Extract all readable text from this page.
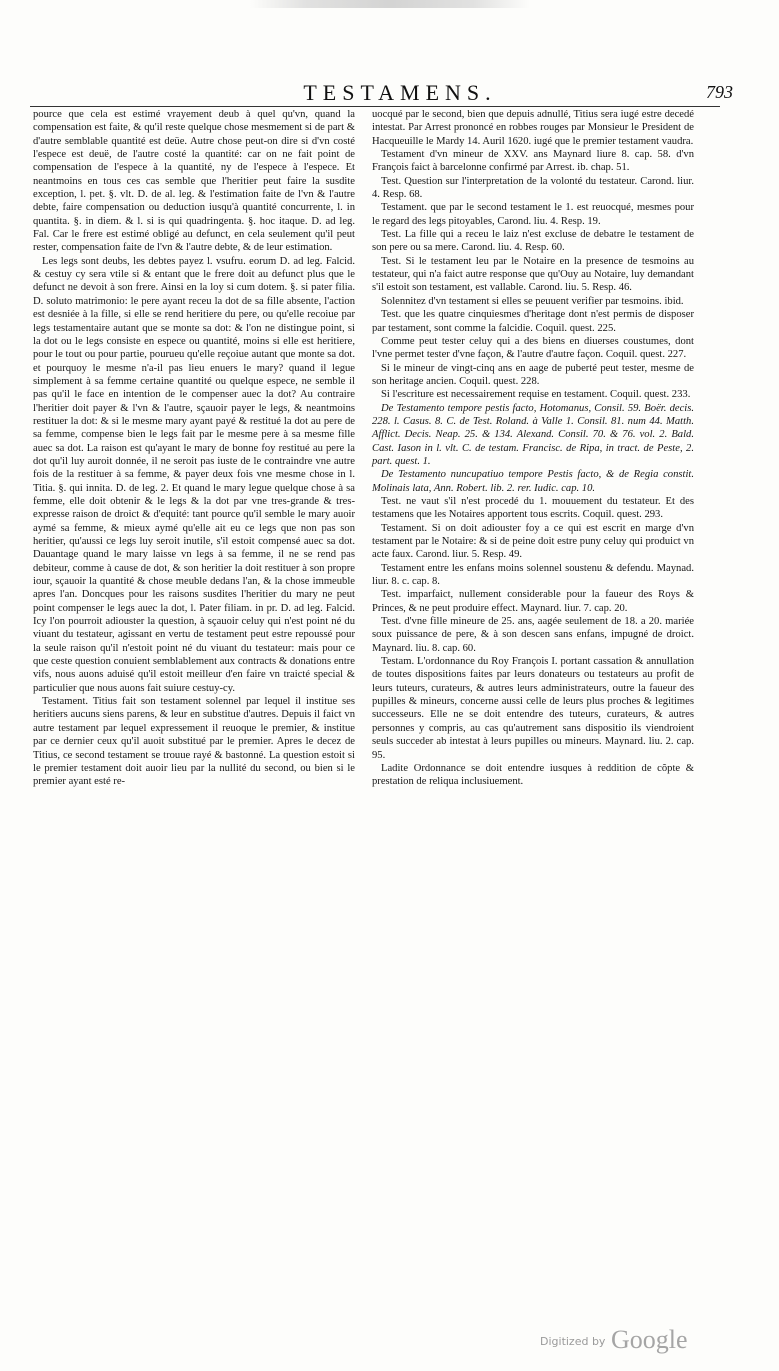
TESTAMENS.	793

pource que cela est estimé vrayement deub à quel qu'vn, quand la compensation est faite, & qu'il reste quelque chose mesmement si de part & d'autre semblable quantité est deüe. Autre chose peut-on dire si d'vn costé l'espece est deuë, de l'autre costé la quantité: car on ne fait point de compensation de l'espece à la quantité, ny de l'espece à l'espece. Et neantmoins en tous ces cas semble que l'heritier peut faire la susdite exception, l. pet. §. vlt. D. de al. leg. & l'estimation faite de l'vn & l'autre debte, faire compensation ou deduction iusqu'à quantité concurrente, l. in quantita. §. in diem. & l. si is qui quadringenta. §. hoc itaque. D. ad leg. Fal. Car le frere est estimé obligé au defunct, en cela seulement qu'il peut rester, compensation faite de l'vn & l'autre debte, & de leur estimation.

Les legs sont deubs, les debtes payez l. vsufru. eorum D. ad leg. Falcid. & cestuy cy sera vtile si & entant que le frere doit au defunct plus que le defunct ne devoit à son frere. Ainsi en la loy si cum dotem. §. si pater filia. D. soluto matrimonio: le pere ayant receu la dot de sa fille absente, l'action est desniée à la fille, si elle se rend heritiere du pere, ou qu'elle recoiue par legs testamentaire autant que se monte sa dot: & l'on ne distingue point, si la dot ou le legs consiste en espece ou quantité, moins si elle est heritiere, pour le tout ou pour partie, pourueu qu'elle reçoiue autant que monte sa dot. et pourquoy le mesme n'a-il pas lieu enuers le mary? quand il legue simplement à sa femme certaine quantité ou quelque espece, ne semble il pas qu'il le face en intention de le compenser auec la dot? Au contraire l'heritier doit payer & l'vn & l'autre, sçauoir payer le legs, & neantmoins restituer la dot: & si le mesme mary ayant payé & restitué la dot au pere de sa femme, compense bien le legs fait par le mesme pere à sa mesme fille auec sa dot. La raison est qu'ayant le mary de bonne foy restitué au pere la dot qu'il luy auroit donnée, il ne seroit pas iuste de le contraindre vne autre fois de la restituer à sa femme, & payer deux fois vne mesme chose in l. Titia. §. qui innita. D. de leg. 2. Et quand le mary legue quelque chose à sa femme, elle doit obtenir & le legs & la dot par vne tres-grande & tres-expresse raison de droict & d'equité: tant pource qu'il semble le mary auoir aymé sa femme, & mieux aymé qu'elle ait eu ce legs que non pas son heritier, qu'aussi ce legs luy seroit inutile, s'il estoit compensé auec sa dot. Dauantage quand le mary laisse vn legs à sa femme, il ne se rend pas debiteur, comme à cause de dot, & son heritier la doit restituer à son propre iour, sçauoir la quantité & chose meuble dedans l'an, & la chose immeuble apres l'an. Doncques pour les raisons susdites l'heritier du mary ne peut point compenser le legs auec la dot, l. Pater filiam. in pr. D. ad leg. Falcid. Icy l'on pourroit adiouster la question, à sçauoir celuy qui n'est point né du viuant du testateur, agissant en vertu de testament peut estre repoussé pour la seule raison qu'il n'estoit point né du viuant du testateur: mais pour ce que ceste question conuient semblablement aux contracts & donations entre vifs, nous auons aduisé qu'il estoit meilleur d'en faire vn traicté special & particulier que nous auons fait suiure cestuy-cy.

Testament. Titius fait son testament solennel par lequel il institue ses heritiers aucuns siens parens, & leur en substitue d'autres. Depuis il faict vn autre testament par lequel expressement il reuoque le premier, & institue par ce dernier ceux qu'il auoit substitué par le premier. Apres le decez de Titius, ce second testament se trouue rayé & bastonné. La question estoit si le premier testament doit auoir lieu par la nullité du second, ou bien si le premier ayant esté re-

uocqué par le second, bien que depuis adnullé, Titius sera iugé estre decedé intestat. Par Arrest prononcé en robbes rouges par Monsieur le President de Hacqueuille le Mardy 14. Auril 1620. iugé que le premier testament vaudra.

Testament d'vn mineur de XXV. ans Maynard liure 8. cap. 58. d'vn François faict à barcelonne confirmé par Arrest. ib. chap. 51.

Test. Question sur l'interpretation de la volonté du testateur. Carond. liur. 4. Resp. 68.

Testament. que par le second testament le 1. est reuocqué, mesmes pour le regard des legs pitoyables, Carond. liu. 4. Resp. 19.

Test. La fille qui a receu le laiz n'est excluse de debatre le testament de son pere ou sa mere. Carond. liu. 4. Resp. 60.

Test. Si le testament leu par le Notaire en la presence de tesmoins au testateur, qui n'a faict autre response que qu'Ouy au Notaire, luy demandant s'il estoit son testament, est vallable. Carond. liu. 5. Resp. 46.

Solennitez d'vn testament si elles se peuuent verifier par tesmoins. ibid.

Test. que les quatre cinquiesmes d'heritage dont n'est permis de disposer par testament, sont comme la falcidie. Coquil. quest. 225.

Comme peut tester celuy qui a des biens en diuerses coustumes, dont l'vne permet tester d'vne façon, & l'autre d'autre façon. Coquil. quest. 227.

Si le mineur de vingt-cinq ans en aage de puberté peut tester, mesme de son heritage ancien. Coquil. quest. 228.

Si l'escriture est necessairement requise en testament. Coquil. quest. 233.

De Testamento tempore pestis facto, Hotomanus, Consil. 59. Boër. decis. 228. l. Casus. 8. C. de Test. Roland. à Valle 1. Consil. 81. num 44. Matth. Afflict. Decis. Neap. 25. & 134. Alexand. Consil. 70. & 76. vol. 2. Bald. Cast. Iason in l. vlt. C. de testam. Francisc. de Ripa, in tract. de Peste, 2. part. quest. 1.

De Testamento nuncupatiuo tempore Pestis facto, & de Regia constit. Molinais lata, Ann. Robert. lib. 2. rer. Iudic. cap. 10.

Test. ne vaut s'il n'est procedé du 1. mouuement du testateur. Et des testamens que les Notaires apportent tous escrits. Coquil. quest. 293.

Testament. Si on doit adiouster foy a ce qui est escrit en marge d'vn testament par le Notaire: & si de peine doit estre puny celuy qui produict vn acte faux. Carond. liur. 5. Resp. 49.

Testament entre les enfans moins solennel soustenu & defendu. Maynad. liur. 8. c. cap. 8.

Test. imparfaict, nullement considerable pour la faueur des Roys & Princes, & ne peut produire effect. Maynard. liur. 7. cap. 20.

Test. d'vne fille mineure de 25. ans, aagée seulement de 18. a 20. mariée soux puissance de pere, & à son descen sans enfans, impugné de droict. Maynard. liu. 8. cap. 60.

Testam. L'ordonnance du Roy François I. portant cassation & annullation de toutes dispositions faites par leurs donateurs ou testateurs au profit de leurs tuteurs, curateurs, & autres leurs administrateurs, outre la faueur des pupilles & mineurs, concerne aussi celle de leurs plus proches & legitimes successeurs. Elle ne se doit entendre des tuteurs, curateurs, & autres personnes y compris, au cas qu'autrement sans dispositio ils viendroient seuls succeder ab intestat à leurs pupilles ou mineurs. Maynard. liu. 2. cap. 95.

Ladite Ordonnance se doit entendre iusques à reddition de cõpte & prestation de reliqua inclusiuement.

Digitized by Google
